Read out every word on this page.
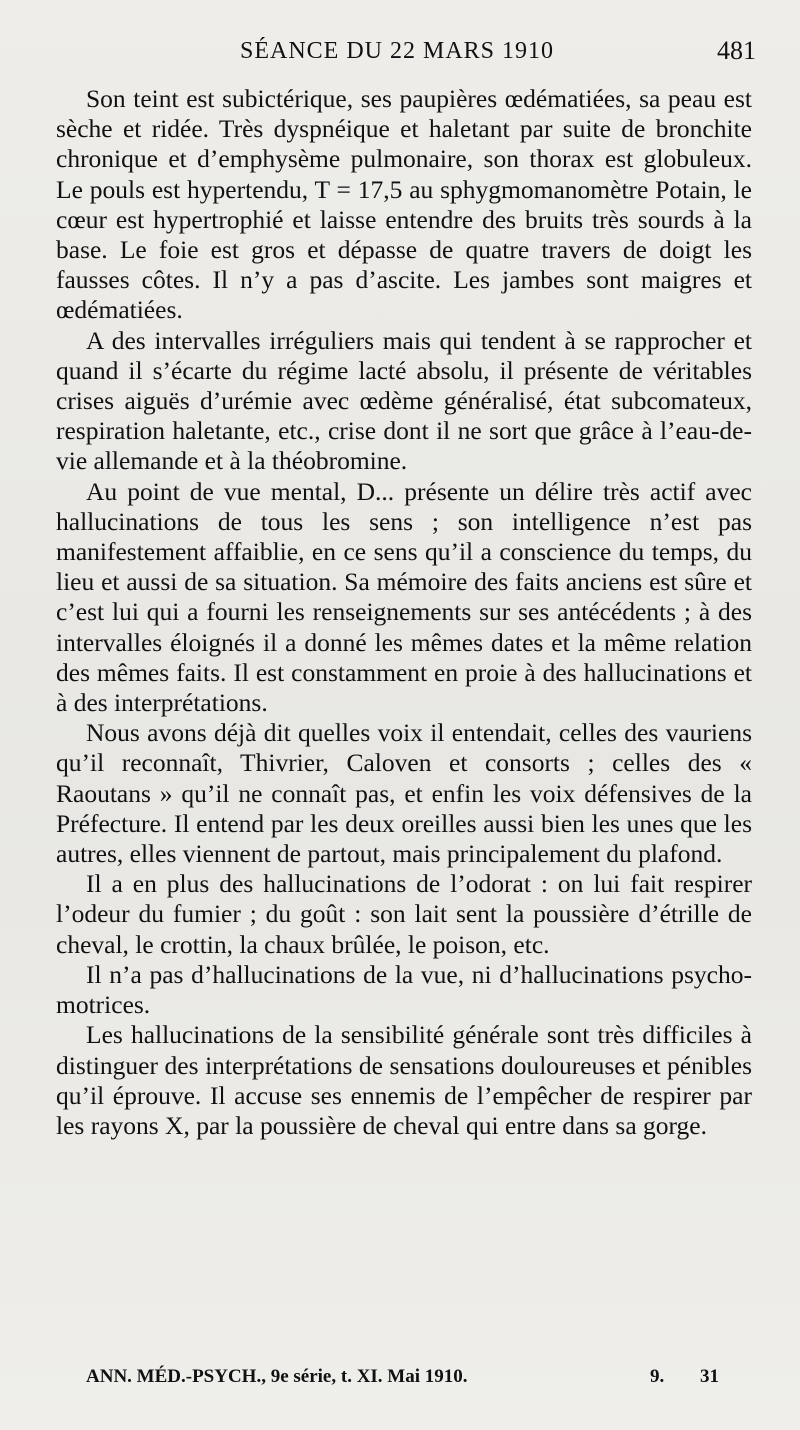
SÉANCE DU 22 MARS 1910	481

Son teint est subictérique, ses paupières œdématiées, sa peau est sèche et ridée. Très dyspnéique et haletant par suite de bronchite chronique et d’emphysème pulmonaire, son thorax est globuleux. Le pouls est hypertendu, T = 17,5 au sphygmomanomètre Potain, le cœur est hypertrophié et laisse entendre des bruits très sourds à la base. Le foie est gros et dépasse de quatre travers de doigt les fausses côtes. Il n’y a pas d’ascite. Les jambes sont maigres et œdématiées.

A des intervalles irréguliers mais qui tendent à se rapprocher et quand il s’écarte du régime lacté absolu, il présente de véritables crises aiguës d’urémie avec œdème généralisé, état subcomateux, respiration haletante, etc., crise dont il ne sort que grâce à l’eau-de-vie allemande et à la théobromine.

Au point de vue mental, D... présente un délire très actif avec hallucinations de tous les sens ; son intelligence n’est pas manifestement affaiblie, en ce sens qu’il a conscience du temps, du lieu et aussi de sa situation. Sa mémoire des faits anciens est sûre et c’est lui qui a fourni les renseignements sur ses antécédents ; à des intervalles éloignés il a donné les mêmes dates et la même relation des mêmes faits. Il est constamment en proie à des hallucinations et à des interprétations.

Nous avons déjà dit quelles voix il entendait, celles des vauriens qu’il reconnaît, Thivrier, Caloven et consorts ; celles des « Raoutans » qu’il ne connaît pas, et enfin les voix défensives de la Préfecture. Il entend par les deux oreilles aussi bien les unes que les autres, elles viennent de partout, mais principalement du plafond.

Il a en plus des hallucinations de l’odorat : on lui fait respirer l’odeur du fumier ; du goût : son lait sent la poussière d’étrille de cheval, le crottin, la chaux brûlée, le poison, etc.

Il n’a pas d’hallucinations de la vue, ni d’hallucinations psycho-motrices.

Les hallucinations de la sensibilité générale sont très difficiles à distinguer des interprétations de sensations douloureuses et pénibles qu’il éprouve. Il accuse ses ennemis de l’empêcher de respirer par les rayons X, par la poussière de cheval qui entre dans sa gorge.

ANN. MÉD.-PSYCH., 9e série, t. XI. Mai 1910.	9. 31
